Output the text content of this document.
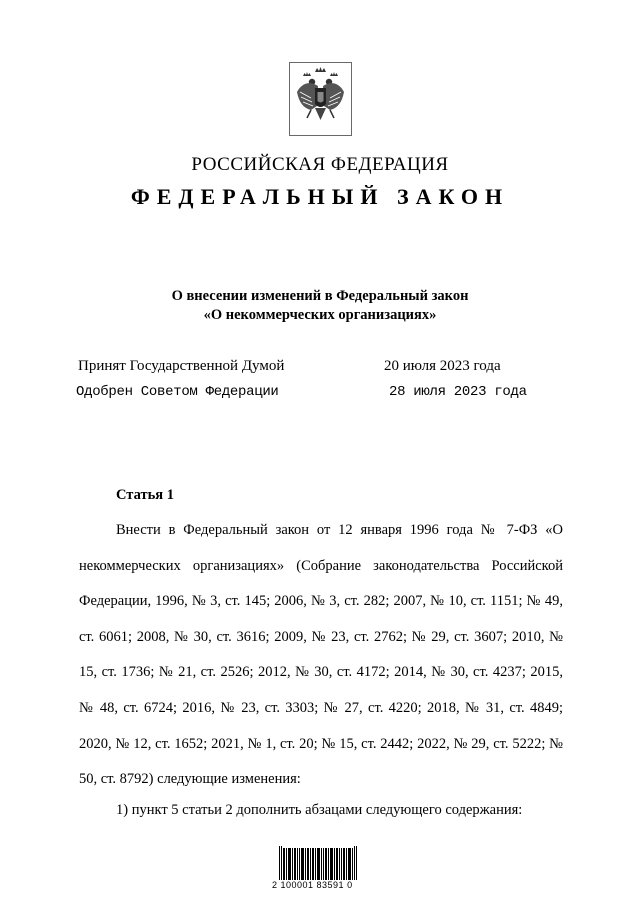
РОССИЙСКАЯ ФЕДЕРАЦИЯ
ФЕДЕРАЛЬНЫЙ ЗАКОН
О внесении изменений в Федеральный закон
«О некоммерческих организациях»
Принят Государственной Думой	20 июля 2023 года
Одобрен Советом Федерации	28 июля 2023 года
Статья 1

Внести в Федеральный закон от 12 января 1996 года № 7-ФЗ «О некоммерческих организациях» (Собрание законодательства Российской Федерации, 1996, № 3, ст. 145; 2006, № 3, ст. 282; 2007, № 10, ст. 1151; № 49, ст. 6061; 2008, № 30, ст. 3616; 2009, № 23, ст. 2762; № 29, ст. 3607; 2010, № 15, ст. 1736; № 21, ст. 2526; 2012, № 30, ст. 4172; 2014, № 30, ст. 4237; 2015, № 48, ст. 6724; 2016, № 23, ст. 3303; № 27, ст. 4220; 2018, № 31, ст. 4849; 2020, № 12, ст. 1652; 2021, № 1, ст. 20; № 15, ст. 2442; 2022, № 29, ст. 5222; № 50, ст. 8792) следующие изменения:

1) пункт 5 статьи 2 дополнить абзацами следующего содержания:
2 100001 83591 0
